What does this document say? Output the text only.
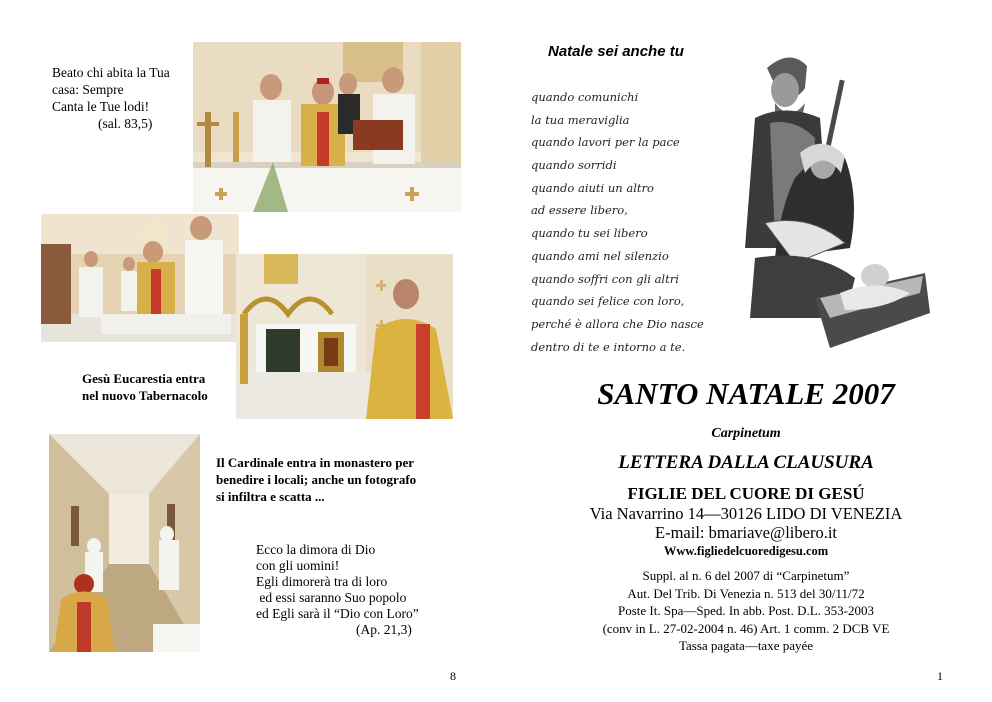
Beato chi abita la Tua
casa: Sempre
Canta le Tue lodi!
(sal. 83,5)
Gesù Eucarestia entra
nel nuovo Tabernacolo
Il Cardinale entra in monastero per
benedire i locali; anche un fotografo
si infiltra e scatta ...
Ecco la dimora di Dio
con gli uomini!
Egli dimorerà tra di loro
ed essi saranno Suo popolo
ed Egli sarà il “Dio con Loro”
(Ap. 21,3)
8
Natale sei anche tu
quando comunichi
la tua meraviglia
quando lavori per la pace
quando sorridi
quando aiuti un altro
ad essere libero,
quando tu sei libero
quando ami nel silenzio
quando soffri con gli altri
quando sei felice con loro,
perché è allora che Dio nasce
dentro di te e intorno a te.
SANTO NATALE 2007
Carpinetum
LETTERA DALLA CLAUSURA
FIGLIE DEL CUORE DI GESÚ
Via Navarrino 14—30126 LIDO DI VENEZIA
E-mail: bmariave@libero.it
Www.figliedelcuoredigesu.com
Suppl. al n. 6 del 2007 di “Carpinetum”
Aut. Del Trib. Di Venezia n. 513 del 30/11/72
Poste It. Spa—Sped. In abb. Post. D.L. 353-2003
(conv in L. 27-02-2004 n. 46) Art. 1 comm. 2 DCB VE
Tassa pagata—taxe payée
1
